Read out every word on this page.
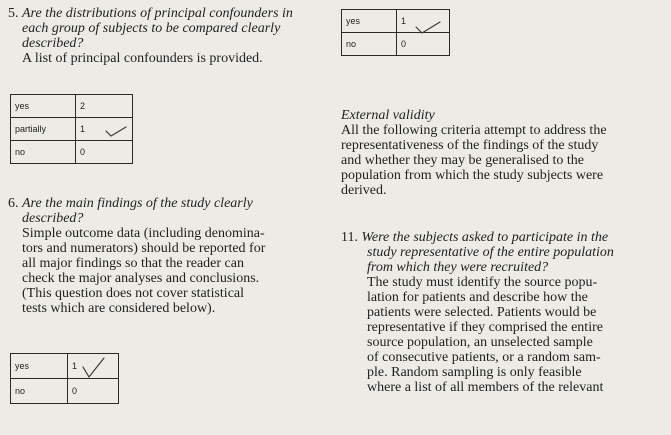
5. Are the distributions of principal confounders in
each group of subjects to be compared clearly
described?
A list of principal confounders is provided.
yes	2
partially	1
no	0
yes	1
no	0
External validity
All the following criteria attempt to address the
representativeness of the findings of the study
and whether they may be generalised to the
population from which the study subjects were
derived.
6. Are the main findings of the study clearly
described?
Simple outcome data (including denomina-
tors and numerators) should be reported for
all major findings so that the reader can
check the major analyses and conclusions.
(This question does not cover statistical
tests which are considered below).
yes	1
no	0
11. Were the subjects asked to participate in the
study representative of the entire population
from which they were recruited?
The study must identify the source popu-
lation for patients and describe how the
patients were selected. Patients would be
representative if they comprised the entire
source population, an unselected sample
of consecutive patients, or a random sam-
ple. Random sampling is only feasible
where a list of all members of the relevant
